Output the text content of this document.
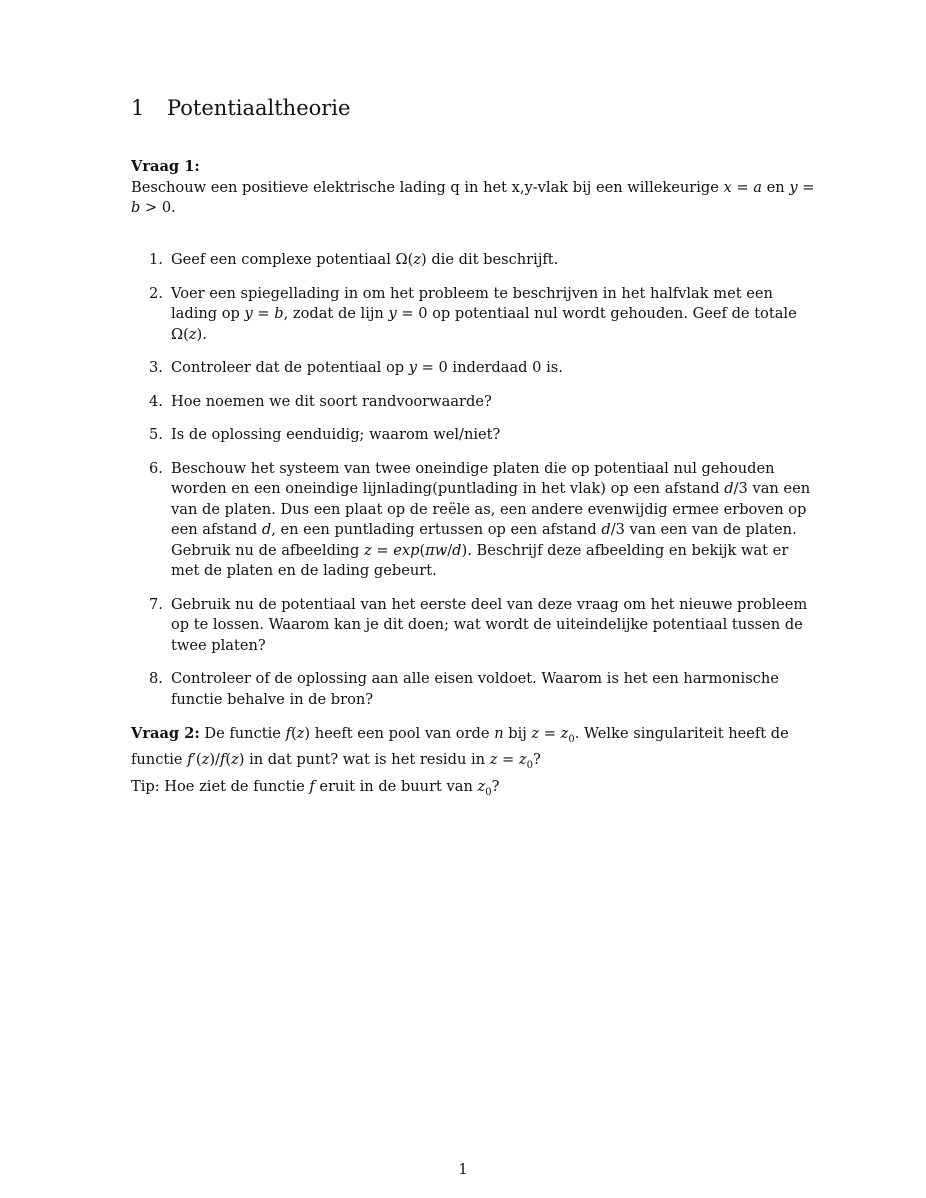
1 Potentiaaltheorie

Vraag 1:
Beschouw een positieve elektrische lading q in het x,y-vlak bij een willekeurige x = a en y = b > 0.

1. Geef een complexe potentiaal Ω(z) die dit beschrijft.
2. Voer een spiegellading in om het probleem te beschrijven in het halfvlak met een lading op y = b, zodat de lijn y = 0 op potentiaal nul wordt gehouden. Geef de totale Ω(z).
3. Controleer dat de potentiaal op y = 0 inderdaad 0 is.
4. Hoe noemen we dit soort randvoorwaarde?
5. Is de oplossing eenduidig; waarom wel/niet?
6. Beschouw het systeem van twee oneindige platen die op potentiaal nul gehouden worden en een oneindige lijnlading(puntlading in het vlak) op een afstand d/3 van een van de platen. Dus een plaat op de reële as, een andere evenwijdig ermee erboven op een afstand d, en een puntlading ertussen op een afstand d/3 van een van de platen.
Gebruik nu de afbeelding z = exp(πw/d). Beschrijf deze afbeelding en bekijk wat er met de platen en de lading gebeurt.
7. Gebruik nu de potentiaal van het eerste deel van deze vraag om het nieuwe probleem op te lossen. Waarom kan je dit doen; wat wordt de uiteindelijke potentiaal tussen de twee platen?
8. Controleer of de oplossing aan alle eisen voldoet. Waarom is het een harmonische functie behalve in de bron?

Vraag 2: De functie f(z) heeft een pool van orde n bij $z = z_0$. Welke singulariteit heeft de functie f′(z)/f(z) in dat punt? wat is het residu in $z = z_0$?
Tip: Hoe ziet de functie f eruit in de buurt van $z_0$?

1
